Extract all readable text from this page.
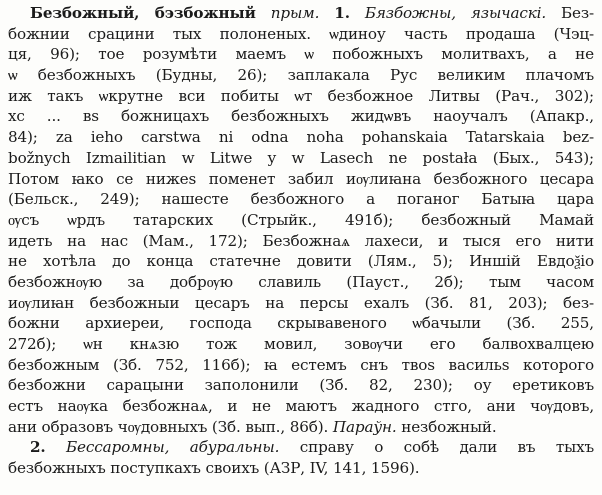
Безбожный, бэзбожный прым. 1. Бязбожны, язычаскі. Без-
божнии срацини тых полоненых. ѡдиноу часть продаша (Чэц-
ця, 96); тое розумѣти маемъ ѡ побожныхъ молитвахъ, а не
ѡ безбожныхъ (Будны, 26); заплакала Рус великим плачомъ
иж такъ ѡкрутне вси побиты ѡт безбожное Литвы (Рач., 302);
хс ... вs божницахъ безбожныхъ жидѡвъ наоучалъ (Апакр.,
84); za ieho carstwa ni odna noha pohanskaia Tatarskaia bez-
božnych Izmailitian w Litwe y w Lasech ne postała (Бых., 543);
Потом ꙗко се нижеs поменет забил иѹлиꙗна безбожного цесара
(Бельск., 249); нашесте безбожного а поганог Батыꙗ цара
ѹсъ ѡрдъ татарских (Стрыйк., 491б); безбожный Мамай
идеть на нас (Мам., 172); Безбожнаѧ лахеси, и тыся его нити
не хотѣла до конца статечне довити (Лям., 5); Иншій Евдоѯіо
безбожнѹю за добрѹю славиль (Пауст., 2б); тым часом
иѹлиꙗн безбожныи цесаръ на персы ехалъ (Зб. 81, 203); без-
божни архиереи, господа скрывавеного ѡбачыли (Зб. 255,
272б); ѡн кнѧзю тож мовил, зовѹчи его балвохвалцею
безбожным (Зб. 752, 116б); ꙗ естемъ снъ твоѕ васильѕ которого
безбожни сарацыни заполонили (Зб. 82, 230); оу еретиковъ
естъ наѹка безбожнаѧ, и не маютъ жадного стго, ани чѹдовъ,
ани образовъ чѹдовныхъ (Зб. вып., 86б). Параўн. незбожный.
2. Бессаромны, абуральны. справу о собѣ дали въ тыхъ
безбожныхъ поступкахъ своихъ (АЗР, IV, 141, 1596).
